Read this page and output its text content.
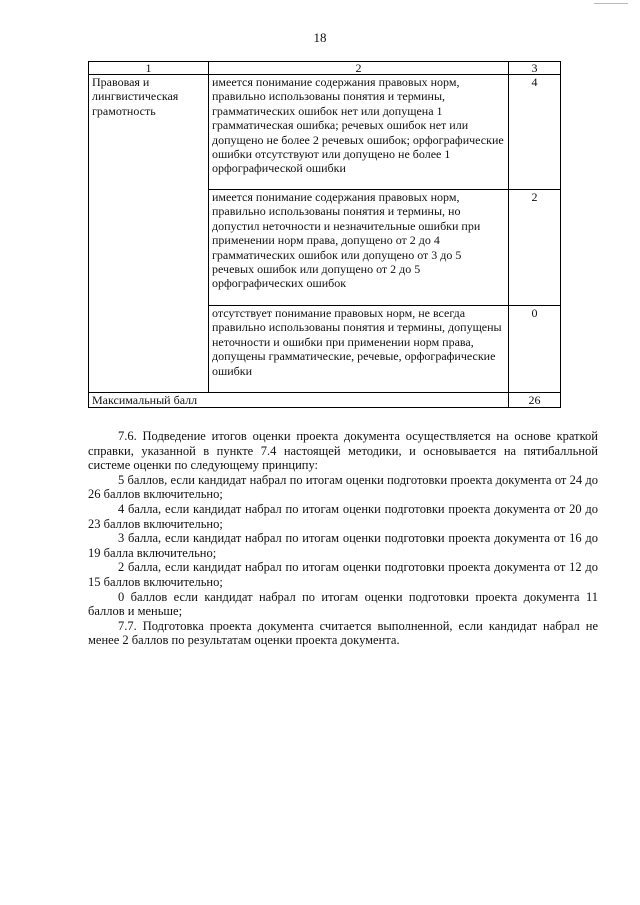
18
1	2	3
Правовая и лингвистическая грамотность	имеется понимание содержания правовых норм, правильно использованы понятия и термины, грамматических ошибок нет или допущена 1 грамматическая ошибка; речевых ошибок нет или допущено не более 2 речевых ошибок; орфографические ошибки отсутствуют или допущено не более 1 орфографической ошибки	4
	имеется понимание содержания правовых норм, правильно использованы понятия и термины, но допустил неточности и незначительные ошибки при применении норм права, допущено от 2 до 4 грамматических ошибок или допущено от 3 до 5 речевых ошибок или допущено от 2 до 5 орфографических ошибок	2
	отсутствует понимание правовых норм, не всегда правильно использованы понятия и термины, допущены неточности и ошибки при применении норм права, допущены грамматические, речевые, орфографические ошибки	0
Максимальный балл		26

7.6. Подведение итогов оценки проекта документа осуществляется на основе краткой справки, указанной в пункте 7.4 настоящей методики, и основывается на пятибалльной системе оценки по следующему принципу:

5 баллов, если кандидат набрал по итогам оценки подготовки проекта документа от 24 до 26 баллов включительно;

4 балла, если кандидат набрал по итогам оценки подготовки проекта документа от 20 до 23 баллов включительно;

3 балла, если кандидат набрал по итогам оценки подготовки проекта документа от 16 до 19 балла включительно;

2 балла, если кандидат набрал по итогам оценки подготовки проекта документа от 12 до 15 баллов включительно;

0 баллов если кандидат набрал по итогам оценки подготовки проекта документа 11 баллов и меньше;

7.7. Подготовка проекта документа считается выполненной, если кандидат набрал не менее 2 баллов по результатам оценки проекта документа.
